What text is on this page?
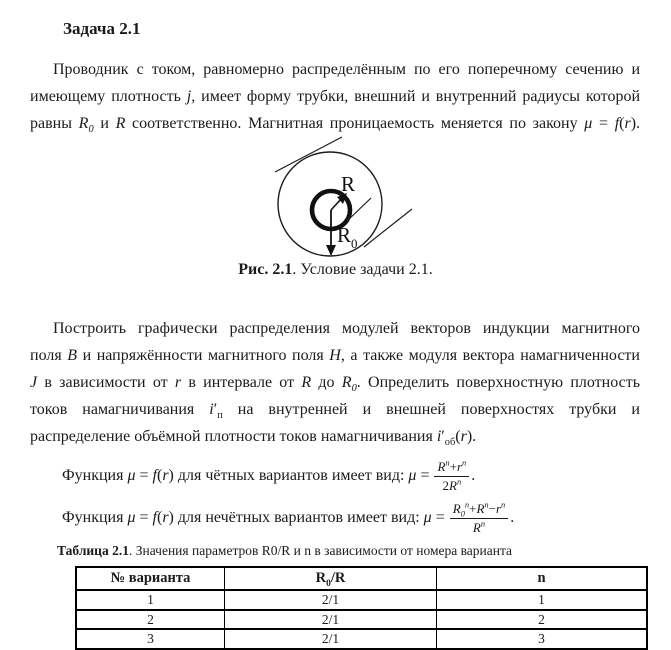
Задача 2.1
Проводник с током, равномерно распределённым по его поперечному сечению и
имеющему плотность j, имеет форму трубки, внешний и внутренний радиусы которой
равны $R_0$ и R соответственно. Магнитная проницаемость меняется по закону μ = f(r).
R
R 0
Рис. 2.1. Условие задачи 2.1.
Построить графически распределения модулей векторов индукции магнитного
поля B и напряжённости магнитного поля H, а также модуля вектора намагниченности
J в зависимости от r в интервале от R до $R_0$. Определить поверхностную плотность
токов намагничивания $i'_п$ на внутренней и внешней поверхностях трубки и
распределение объёмной плотности токов намагничивания $i'_{об}(r)$.
Функция μ = f(r) для чётных вариантов имеет вид: $\mu = \frac{R^n+r^n}{2R^n}$ .
Функция μ = f(r) для нечётных вариантов имеет вид: $\mu = \frac{R_0^n+R^n-r^n}{R^n}$ .
Таблица 2.1. Значения параметров R0/R и n в зависимости от номера варианта
№ варианта	$R_0/R$	n
1	2/1	1
2	2/1	2
3	2/1	3
